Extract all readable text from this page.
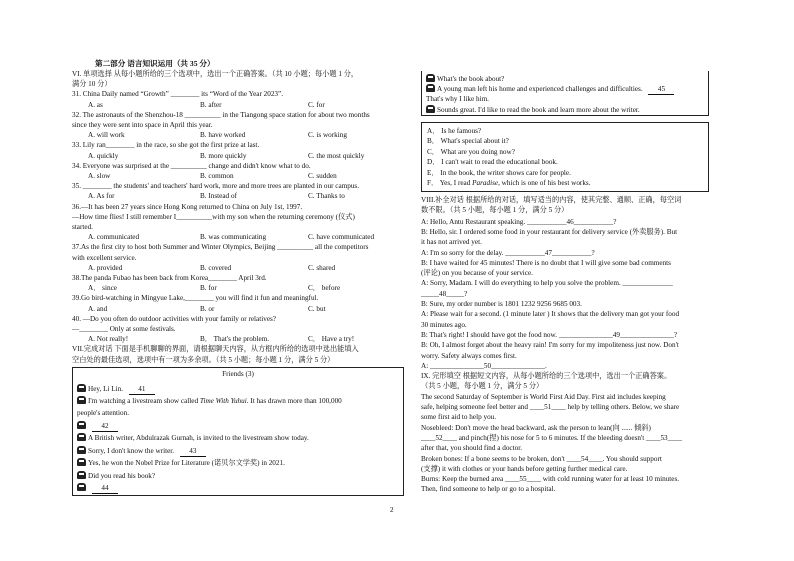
第二部分 语言知识运用（共 35 分）
VI. 单项选择 从每小题所给的三个选项中，选出一个正确答案。（共 10 小题；每小题 1 分，
满分 10 分）
31. China Daily named “Growth” ________ its “Word of the Year 2023”.
A. as	B. after	C. for
32. The astronauts of the Shenzhou-18 __________ in the Tiangong space station for about two months
since they were sent into space in April this year.
A. will work	B. have worked	C. is working
33. Lily ran________ in the race, so she got the first prize at last.
A. quickly	B. more quickly	C. the most quickly
34. Everyone was surprised at the __________ change and didn't know what to do.
A. slow	B. common	C. sudden
35. ________ the students' and teachers' hard work, more and more trees are planted in our campus.
A. As for	B. Instead of	C. Thanks to
36.—It has been 27 years since Hong Kong returned to China on July 1st, 1997.
—How time flies! I still remember I__________with my son when the returning ceremony (仪式)
started.
A. communicated	B. was communicating	C. have communicated
37.As the first city to host both Summer and Winter Olympics, Beijing __________ all the competitors
with excellent service.
A. provided	B. covered	C. shared
38.The panda Fubao has been back from Korea________ April 3rd.
A． since	B. for	C． before
39.Go bird-watching in Mingyue Lake,________ you will find it fun and meaningful.
A. and	B. or	C. but
40. —Do you often do outdoor activities with your family or relatives?
—________ Only at some festivals.
A. Not really!	B． That's the problem.	C． Have a try!
VII.完成对话 下面是手机聊聊的界面，请根据聊天内容，从方框内所给的选项中选出能填入
空白处的最佳选项，选项中有一项为多余项。（共 5 小题；每小题 1 分，满分 5 分）
Friends (3)
Hey, Li Lin. 41
I'm watching a livestream show called Time With Yuhui. It has drawn more than 100,000
people's attention.
42
A British writer, Abdulrazak Gurnah, is invited to the livestream show today.
Sorry, I don't know the writer. 43
Yes, he won the Nobel Prize for Literature (诺贝尔文学奖) in 2021.
Did you read his book?
44
What's the book about?
A young man left his home and experienced challenges and difficulties. 45
That's why I like him.
Sounds great. I'd like to read the book and learn more about the writer.
A． Is he famous?
B． What's special about it?
C． What are you doing now?
D． I can't wait to read the educational book.
E． In the book, the writer shows care for people.
F． Yes, I read Paradise, which is one of his best works.
VIII.补全对话 根据所给的对话，填写适当的内容，使其完整、通顺、正确，每空词
数不限。（共 5 小题，每小题 1 分，满分 5 分）
A: Hello, Antu Restaurant speaking. ___________46___________?
B: Hello, sir. I ordered some food in your restaurant for delivery service (外卖服务). But
it has not arrived yet.
A: I'm so sorry for the delay. ___________47___________?
B: I have waited for 45 minutes! There is no doubt that I will give some bad comments
(评论) on you because of your service.
A: Sorry, Madam. I will do everything to help you solve the problem. ______________
_____48_____?
B: Sure, my order number is 1801 1232 9256 9685 003.
A: Please wait for a second. (1 minute later ) It shows that the delivery man got your food
30 minutes ago.
B: That's right! I should have got the food now. _______________49_______________?
B: Oh, I almost forget about the heavy rain! I'm sorry for my impoliteness just now. Don't
worry. Safety always comes first.
A: _______________50_______________.
IX. 完形填空 根据短文内容，从每小题所给的三个选项中，选出一个正确答案。
（共 5 小题，每小题 1 分，满分 5 分）
The second Saturday of September is World First Aid Day. First aid includes keeping
safe, helping someone feel better and ____51____ help by telling others. Below, we share
some first aid to help you.
Nosebleed: Don't move the head backward, ask the person to lean(向 ...... 倾斜)
____52____ and pinch(捏) his nose for 5 to 6 minutes. If the bleeding doesn't ____53____
after that, you should find a doctor.
Broken bones: If a bone seems to be broken, don't ____54____. You should support
(支撑) it with clothes or your hands before getting further medical care.
Burns: Keep the burned area ____55____ with cold running water for at least 10 minutes.
Then, find someone to help or go to a hospital.
2
